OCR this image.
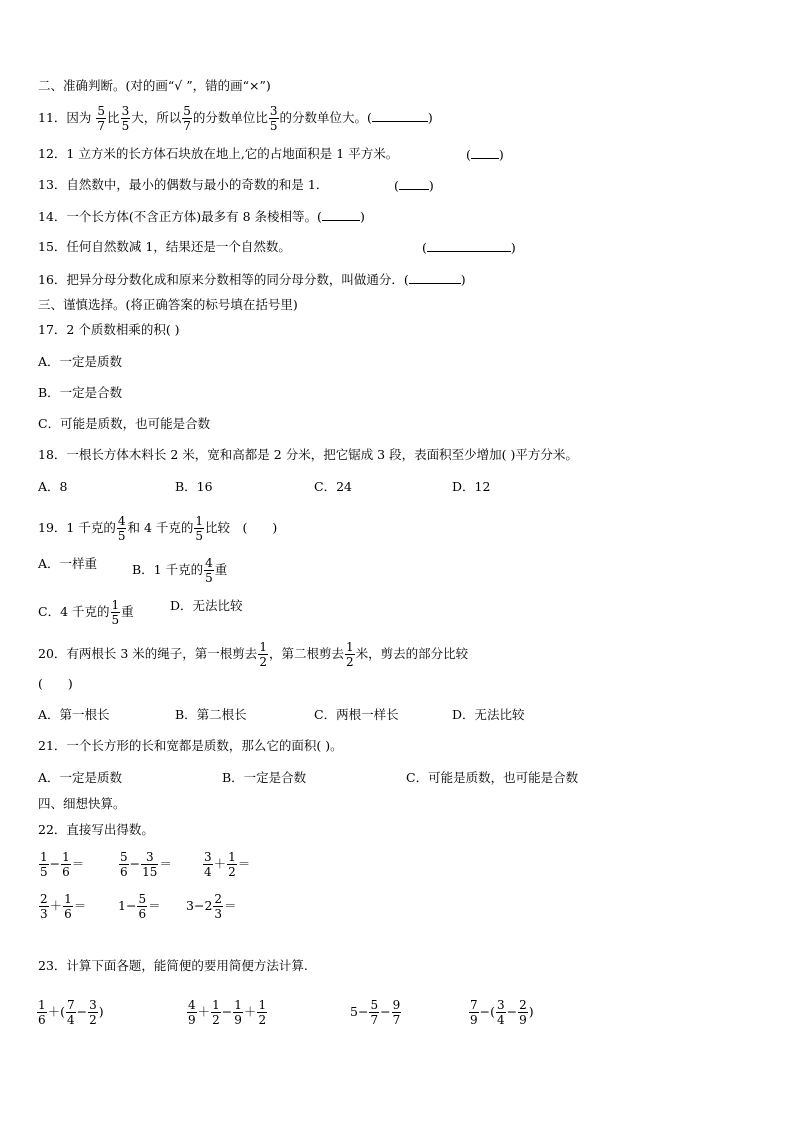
二、准确判断。(对的画“√ ”，错的画“×”)
11．因为 $\frac{5}{7}$ 比 $\frac{3}{5}$ 大，所以 $\frac{5}{7}$ 的分数单位比 $\frac{3}{5}$ 的分数单位大。(	)
12．1 立方米的长方体石块放在地上,它的占地面积是 1 平方米。	( )
13．自然数中，最小的偶数与最小的奇数的和是 1．	( )
14．一个长方体(不含正方体)最多有 8 条棱相等。(	)
15．任何自然数减 1，结果还是一个自然数。	(	)
16．把异分母分数化成和原来分数相等的同分母分数，叫做通分．(	)
三、谨慎选择。(将正确答案的标号填在括号里)
17．2 个质数相乘的积( )
A．一定是质数
B．一定是合数
C．可能是质数，也可能是合数
18．一根长方体木料长 2 米，宽和高都是 2 分米，把它锯成 3 段，表面积至少增加( )平方分米。
A．8	B．16	C．24	D．12
19．1 千克的 $\frac{4}{5}$ 和 4 千克的 $\frac{1}{5}$ 比较　(　　)
A．一样重	B．1 千克的 $\frac{4}{5}$ 重
C．4 千克的 $\frac{1}{5}$ 重	D．无法比较
20．有两根长 3 米的绳子，第一根剪去 $\frac{1}{2}$ ，第二根剪去 $\frac{1}{2}$ 米，剪去的部分比较
(　　)
A．第一根长	B．第二根长	C．两根一样长	D．无法比较
21．一个长方形的长和宽都是质数，那么它的面积( )。
A．一定是质数	B．一定是合数	C．可能是质数，也可能是合数
四、细想快算。
22．直接写出得数。
$\frac{1}{5} - \frac{1}{6}$ ＝	$\frac{5}{6} - \frac{3}{15}$ ＝	$\frac{3}{4} + \frac{1}{2}$ ＝
$\frac{2}{3} + \frac{1}{6}$ ＝	$1- \frac{5}{6} = 3-2 \frac{2}{3}$ ＝
23．计算下面各题，能简便的要用简便方法计算.
$\frac{1}{6}$ ＋( $\frac{7}{4} - \frac{3}{2}$ )	$\frac{4}{9} + \frac{1}{2} - \frac{1}{9} + \frac{1}{2}$	$5- \frac{5}{7} - \frac{9}{7}$	$\frac{7}{9}$ −( $\frac{3}{4} - \frac{2}{9}$ )
